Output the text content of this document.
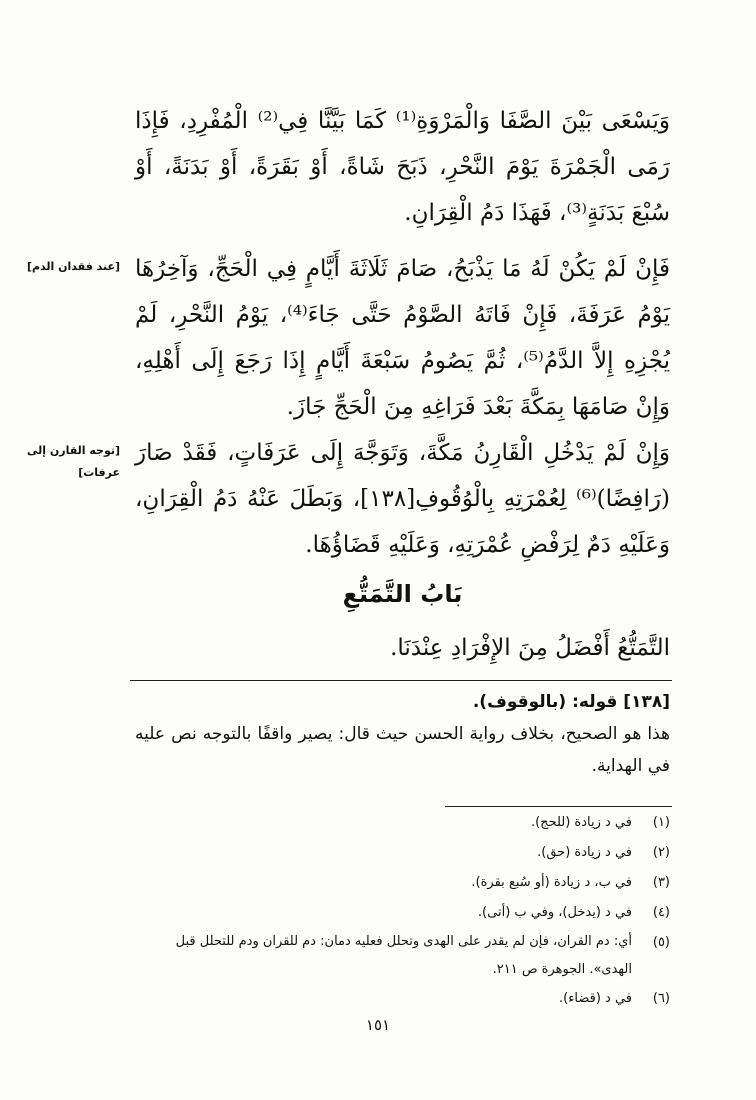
وَيَسْعَى بَيْنَ الصَّفَا وَالْمَرْوَةِ⁽¹⁾ كَمَا بَيَّنَّا فِي⁽²⁾ الْمُفْرِدِ، فَإِذَا رَمَى الْجَمْرَةَ يَوْمَ النَّحْرِ، ذَبَحَ شَاةً، أَوْ بَقَرَةً، أَوْ بَدَنَةً، أَوْ سُبْعَ بَدَنَةٍ⁽³⁾، فَهَذَا دَمُ الْقِرَانِ.

فَإِنْ لَمْ يَكُنْ لَهُ مَا يَذْبَحُ، صَامَ ثَلَاثَةَ أَيَّامٍ فِي الْحَجِّ، وَآخِرُهَا يَوْمُ عَرَفَةَ، فَإِنْ فَاتَهُ الصَّوْمُ حَتَّى جَاءَ⁽⁴⁾، يَوْمُ النَّحْرِ، لَمْ يُجْزِهِ إِلاَّ الدَّمُ⁽⁵⁾، ثُمَّ يَصُومُ سَبْعَةَ أَيَّامٍ إِذَا رَجَعَ إِلَى أَهْلِهِ، وَإِنْ صَامَهَا بِمَكَّةَ بَعْدَ فَرَاغِهِ مِنَ الْحَجِّ جَازَ.

وَإِنْ لَمْ يَدْخُلِ الْقَارِنُ مَكَّةَ، وَتَوَجَّهَ إِلَى عَرَفَاتٍ، فَقَدْ صَارَ (رَافِضًا)⁽⁶⁾ لِعُمْرَتِهِ بِالْوُقُوفِ[١٣٨]، وَبَطَلَ عَنْهُ دَمُ الْقِرَانِ، وَعَلَيْهِ دَمٌ لِرَفْضِ عُمْرَتِهِ، وَعَلَيْهِ قَضَاؤُهَا.

[عند فقدان الدم]
[توجه القارن إلى عرفات]
بَابُ التَّمَتُّعِ
التَّمَتُّعُ أَفْضَلُ مِنَ الإِفْرَادِ عِنْدَنَا.
[١٣٨] قوله: (بالوقوف).
هذا هو الصحيح، بخلاف رواية الحسن حيث قال: يصير واقفًا بالتوجه نص عليه في الهداية.
(١)
في د زيادة (للحج).
(٢)
في د زيادة (حق).
(٣)
في ب، د زيادة (أو سُبع بقرة).
(٤)
في د (يدخل)، وفي ب (أتى).
(٥)
أي: دم القران، فإن لم يقدر على الهدى وتحلل فعليه دمان: دم للقران ودم للتحلل قبل الهدى». الجوهرة ص ٢١١.
(٦)
في د (قضاء).
١٥١
